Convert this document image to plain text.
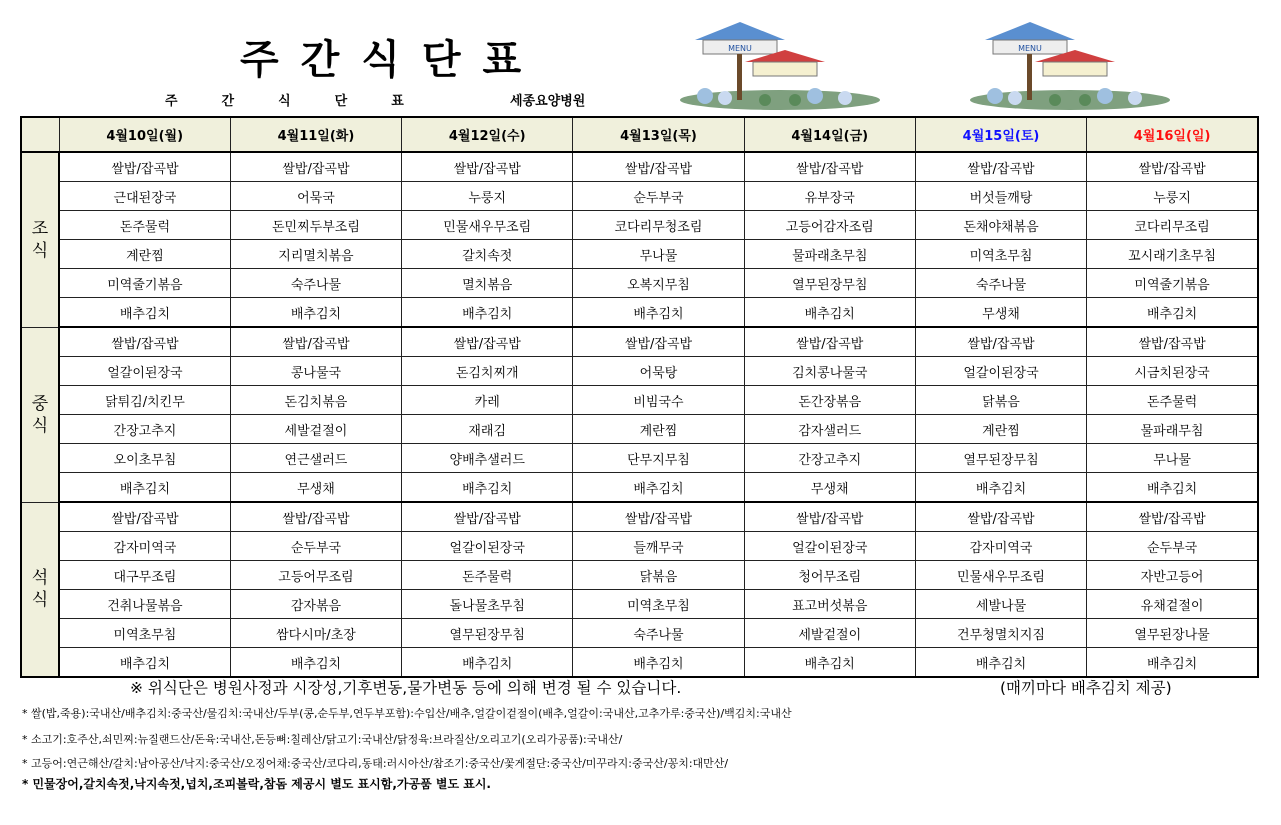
주간식단표
주간식단표	세종요양병원
MENU	MENU
	4월10일(월)	4월11일(화)	4월12일(수)	4월13일(목)	4월14일(금)	4월15일(토)	4월16일(일)

조
식	쌀밥/잡곡밥	쌀밥/잡곡밥	쌀밥/잡곡밥	쌀밥/잡곡밥	쌀밥/잡곡밥	쌀밥/잡곡밥	쌀밥/잡곡밥
	근대된장국	어묵국	누룽지	순두부국	유부장국	버섯들깨탕	누룽지
	돈주물럭	돈민찌두부조림	민물새우무조림	코다리무청조림	고등어감자조림	돈채야채볶음	코다리무조림
	계란찜	지리멸치볶음	갈치속젓	무나물	물파래초무침	미역초무침	꼬시래기초무침
	미역줄기볶음	숙주나물	멸치볶음	오복지무침	열무된장무침	숙주나물	미역줄기볶음
	배추김치	배추김치	배추김치	배추김치	배추김치	무생채	배추김치

중
식	쌀밥/잡곡밥	쌀밥/잡곡밥	쌀밥/잡곡밥	쌀밥/잡곡밥	쌀밥/잡곡밥	쌀밥/잡곡밥	쌀밥/잡곡밥
	얼갈이된장국	콩나물국	돈김치찌개	어묵탕	김치콩나물국	얼갈이된장국	시금치된장국
	닭튀김/치킨무	돈김치볶음	카레	비빔국수	돈간장볶음	닭볶음	돈주물럭
	간장고추지	세발겉절이	재래김	계란찜	감자샐러드	계란찜	물파래무침
	오이초무침	연근샐러드	양배추샐러드	단무지무침	간장고추지	열무된장무침	무나물
	배추김치	무생채	배추김치	배추김치	무생채	배추김치	배추김치

석
식	쌀밥/잡곡밥	쌀밥/잡곡밥	쌀밥/잡곡밥	쌀밥/잡곡밥	쌀밥/잡곡밥	쌀밥/잡곡밥	쌀밥/잡곡밥
	감자미역국	순두부국	얼갈이된장국	들깨무국	얼갈이된장국	감자미역국	순두부국
	대구무조림	고등어무조림	돈주물럭	닭볶음	청어무조림	민물새우무조림	자반고등어
	건취나물볶음	감자볶음	돌나물초무침	미역초무침	표고버섯볶음	세발나물	유채겉절이
	미역초무침	쌈다시마/초장	열무된장무침	숙주나물	세발겉절이	건무청멸치지짐	열무된장나물
	배추김치	배추김치	배추김치	배추김치	배추김치	배추김치	배추김치
※ 위식단은 병원사정과 시장성,기후변동,물가변동 등에 의해 변경 될 수 있습니다.	(매끼마다 배추김치 제공)
* 쌀(밥,죽용):국내산/배추김치:중국산/물김치:국내산/두부(콩,순두부,연두부포함):수입산/배추,얼갈이겉절이(배추,얼갈이:국내산,고추가루:중국산)/백김치:국내산
* 소고기:호주산,쇠민찌:뉴질랜드산/돈육:국내산,돈등뼈:칠레산/닭고기:국내산/닭정육:브라질산/오리고기(오리가공품):국내산/
* 고등어:연근해산/갈치:남아공산/낙지:중국산/오징어채:중국산/코다리,동태:러시아산/참조기:중국산/꽃게절단:중국산/미꾸라지:중국산/꽁치:대만산/
* 민물장어,갈치속젓,낙지속젓,넙치,조피볼락,참돔 제공시 별도 표시함,가공품 별도 표시.
